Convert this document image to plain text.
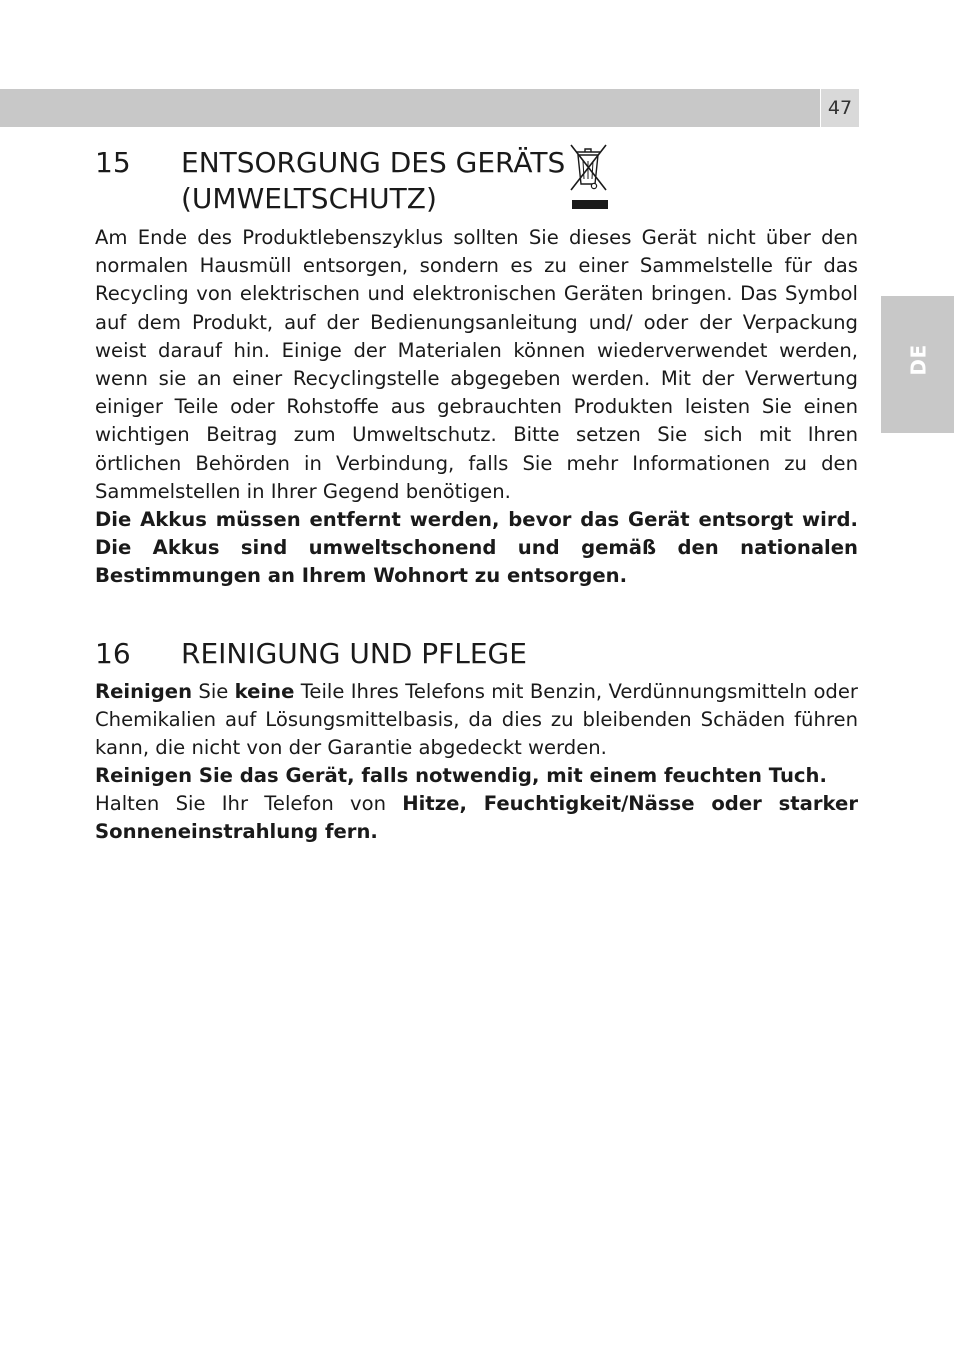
47
DE
15 ENTSORGUNG DES GERÄTS
(UMWELTSCHUTZ)

Am Ende des Produktlebenszyklus sollten Sie dieses Gerät nicht über den normalen Hausmüll entsorgen, sondern es zu einer Sammelstelle für das Recycling von elektrischen und elektronischen Geräten bringen. Das Symbol auf dem Produkt, auf der Bedienungsanleitung und/ oder der Verpackung weist darauf hin. Einige der Materialen können wiederverwendet werden, wenn sie an einer Recyclingstelle abgegeben werden. Mit der Verwertung einiger Teile oder Rohstoffe aus gebrauchten Produkten leisten Sie einen wichtigen Beitrag zum Umweltschutz. Bitte setzen Sie sich mit Ihren örtlichen Behörden in Verbindung, falls Sie mehr Informationen zu den Sammelstellen in Ihrer Gegend benötigen.

Die Akkus müssen entfernt werden, bevor das Gerät entsorgt wird. Die Akkus sind umweltschonend und gemäß den nationalen Bestimmungen an Ihrem Wohnort zu entsorgen.

16 REINIGUNG UND PFLEGE

Reinigen Sie keine Teile Ihres Telefons mit Benzin, Verdünnungsmitteln oder Chemikalien auf Lösungsmittelbasis, da dies zu bleibenden Schäden führen kann, die nicht von der Garantie abgedeckt werden.

Reinigen Sie das Gerät, falls notwendig, mit einem feuchten Tuch.

Halten Sie Ihr Telefon von Hitze, Feuchtigkeit/Nässe oder starker Sonneneinstrahlung fern.
